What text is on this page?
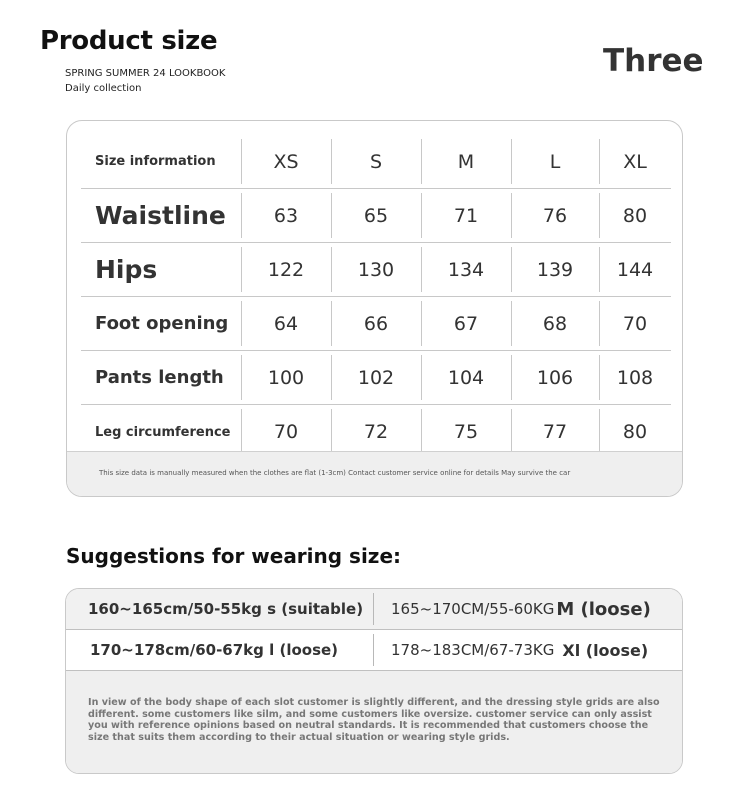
Product size
SPRING SUMMER 24 LOOKBOOK
Daily collection
Three
Size information	XS	S	M	L	XL
Waistline	63	65	71	76	80
Hips	122	130	134	139	144
Foot opening	64	66	67	68	70
Pants length	100	102	104	106	108
Leg circumference	70	72	75	77	80
This size data is manually measured when the clothes are flat (1-3cm) Contact customer service online for details May survive the car
Suggestions for wearing size:
160~165cm/50-55kg s (suitable) 165~170CM/55-60KG M (loose)
170~178cm/60-67kg l (loose)	178~183CM/67-73KG Xl (loose)
In view of the body shape of each slot customer is slightly different, and the dressing style grids are also different. some customers like silm, and some customers like oversize. customer service can only assist you with reference opinions based on neutral standards. It is recommended that customers choose the size that suits them according to their actual situation or wearing style grids.
